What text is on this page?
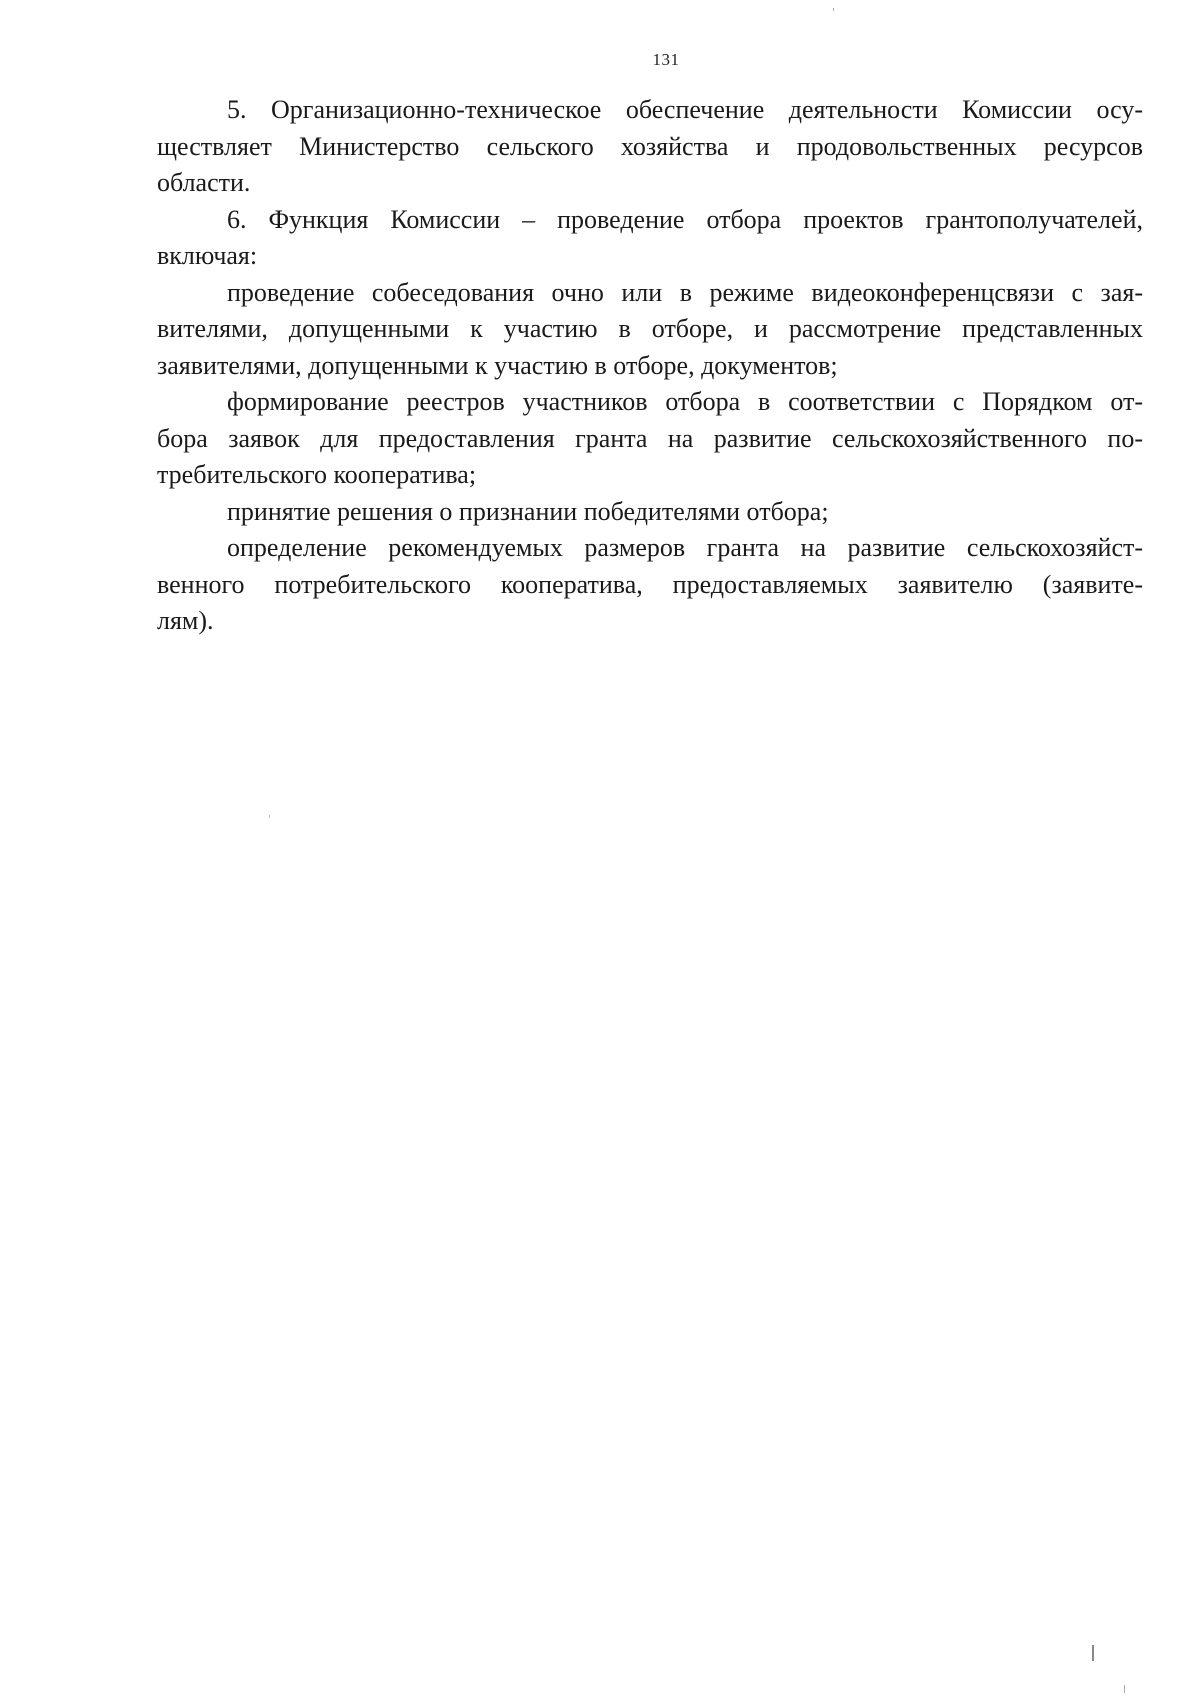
131

5. Организационно-техническое обеспечение деятельности Комиссии осу-
ществляет Министерство сельского хозяйства и продовольственных ресурсов
области.

6. Функция Комиссии – проведение отбора проектов грантополучателей,
включая:

проведение собеседования очно или в режиме видеоконференцсвязи с зая-
вителями, допущенными к участию в отборе, и рассмотрение представленных
заявителями, допущенными к участию в отборе, документов;

формирование реестров участников отбора в соответствии с Порядком от-
бора заявок для предоставления гранта на развитие сельскохозяйственного по-
требительского кооператива;

принятие решения о признании победителями отбора;

определение рекомендуемых размеров гранта на развитие сельскохозяйст-
венного потребительского кооператива, предоставляемых заявителю (заявите-
лям).
